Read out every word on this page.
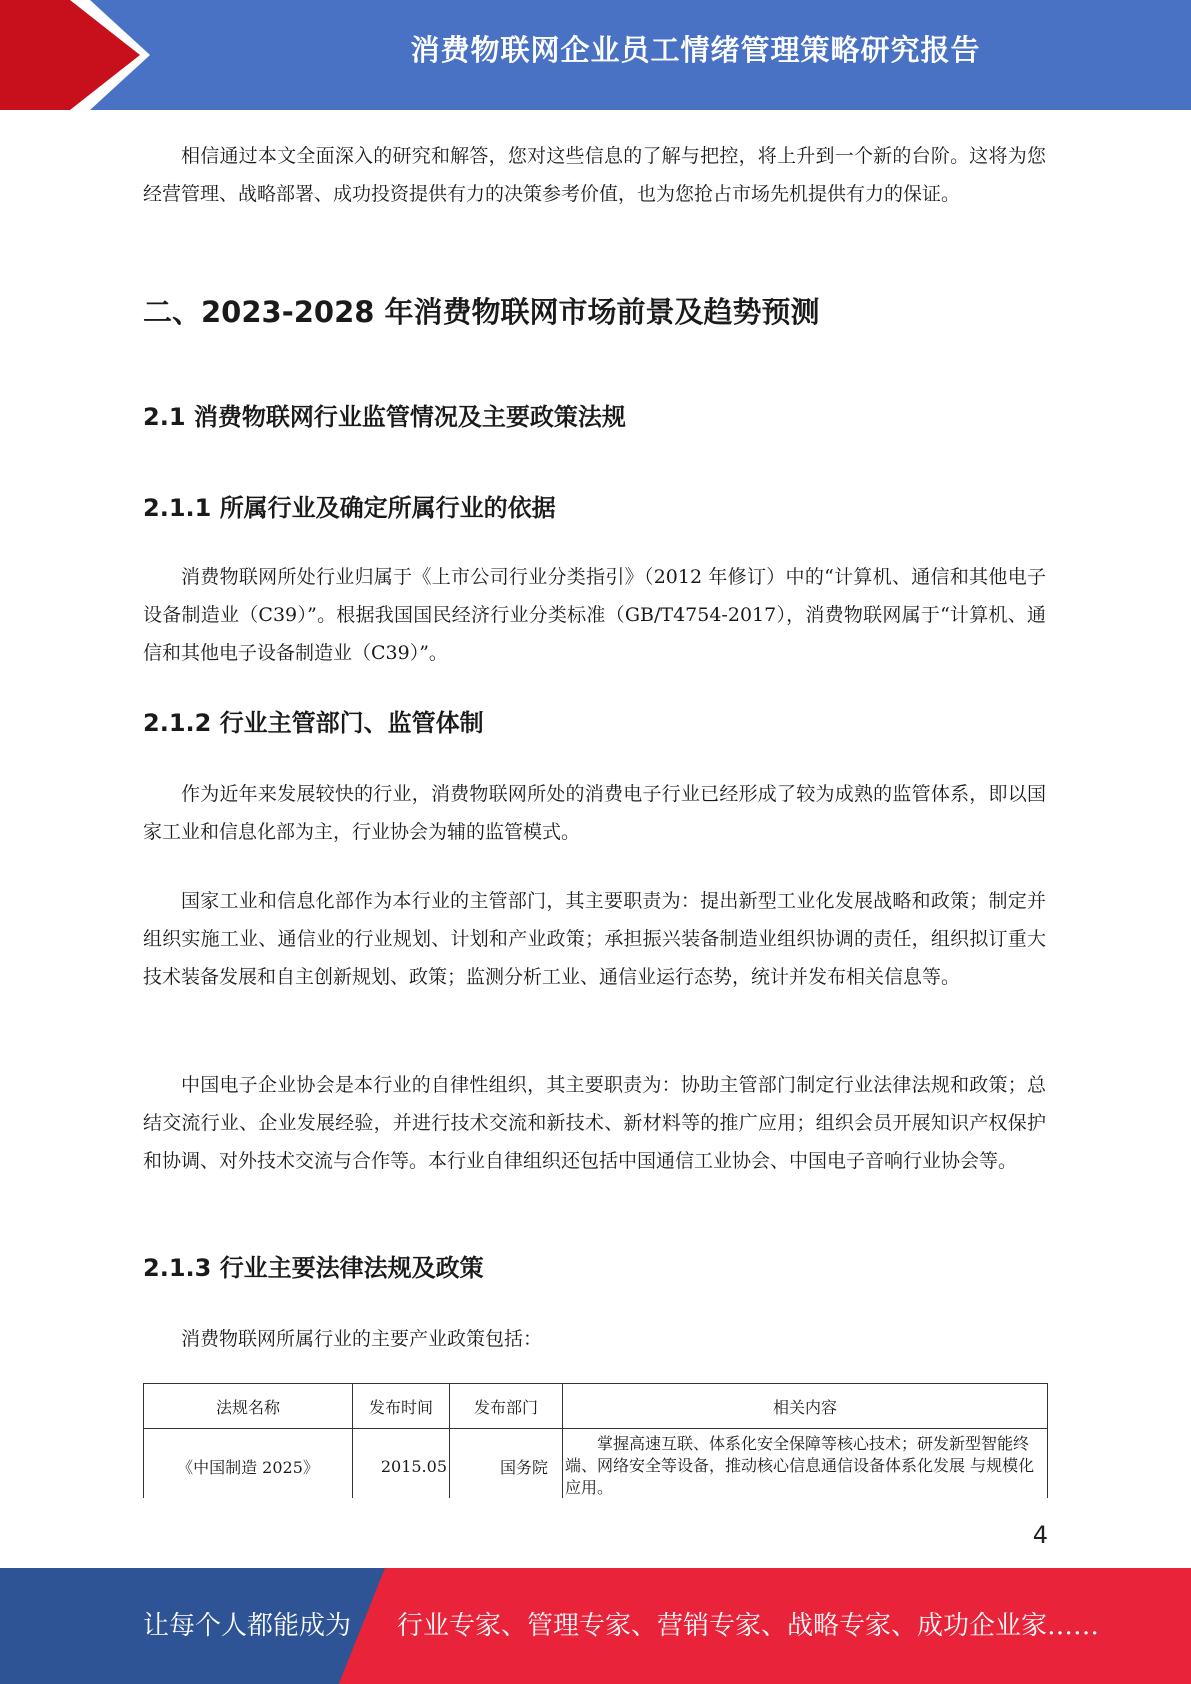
消费物联网企业员工情绪管理策略研究报告

相信通过本文全面深入的研究和解答，您对这些信息的了解与把控，将上升到一个新的台阶。这将为您经营管理、战略部署、成功投资提供有力的决策参考价值，也为您抢占市场先机提供有力的保证。

二、2023-2028 年消费物联网市场前景及趋势预测
2.1 消费物联网行业监管情况及主要政策法规
2.1.1 所属行业及确定所属行业的依据

消费物联网所处行业归属于《上市公司行业分类指引》（2012 年修订）中的“计算机、通信和其他电子设备制造业（C39）”。根据我国国民经济行业分类标准（GB/T4754-2017），消费物联网属于“计算机、通信和其他电子设备制造业（C39）”。

2.1.2 行业主管部门、监管体制

作为近年来发展较快的行业，消费物联网所处的消费电子行业已经形成了较为成熟的监管体系，即以国家工业和信息化部为主，行业协会为辅的监管模式。

国家工业和信息化部作为本行业的主管部门，其主要职责为：提出新型工业化发展战略和政策；制定并组织实施工业、通信业的行业规划、计划和产业政策；承担振兴装备制造业组织协调的责任，组织拟订重大技术装备发展和自主创新规划、政策；监测分析工业、通信业运行态势，统计并发布相关信息等。

中国电子企业协会是本行业的自律性组织，其主要职责为：协助主管部门制定行业法律法规和政策；总结交流行业、企业发展经验，并进行技术交流和新技术、新材料等的推广应用；组织会员开展知识产权保护和协调、对外技术交流与合作等。本行业自律组织还包括中国通信工业协会、中国电子音响行业协会等。

2.1.3 行业主要法律法规及政策

消费物联网所属行业的主要产业政策包括：

法规名称	发布时间	发布部门	相关内容
《中国制造 2025》	2015.05	国务院	掌握高速互联、体系化安全保障等核心技术；研发新型智能终端、网络安全等设备，推动核心信息通信设备体系化发展 与规模化应用。
4
让每个人都能成为 行业专家、管理专家、营销专家、战略专家、成功企业家……
